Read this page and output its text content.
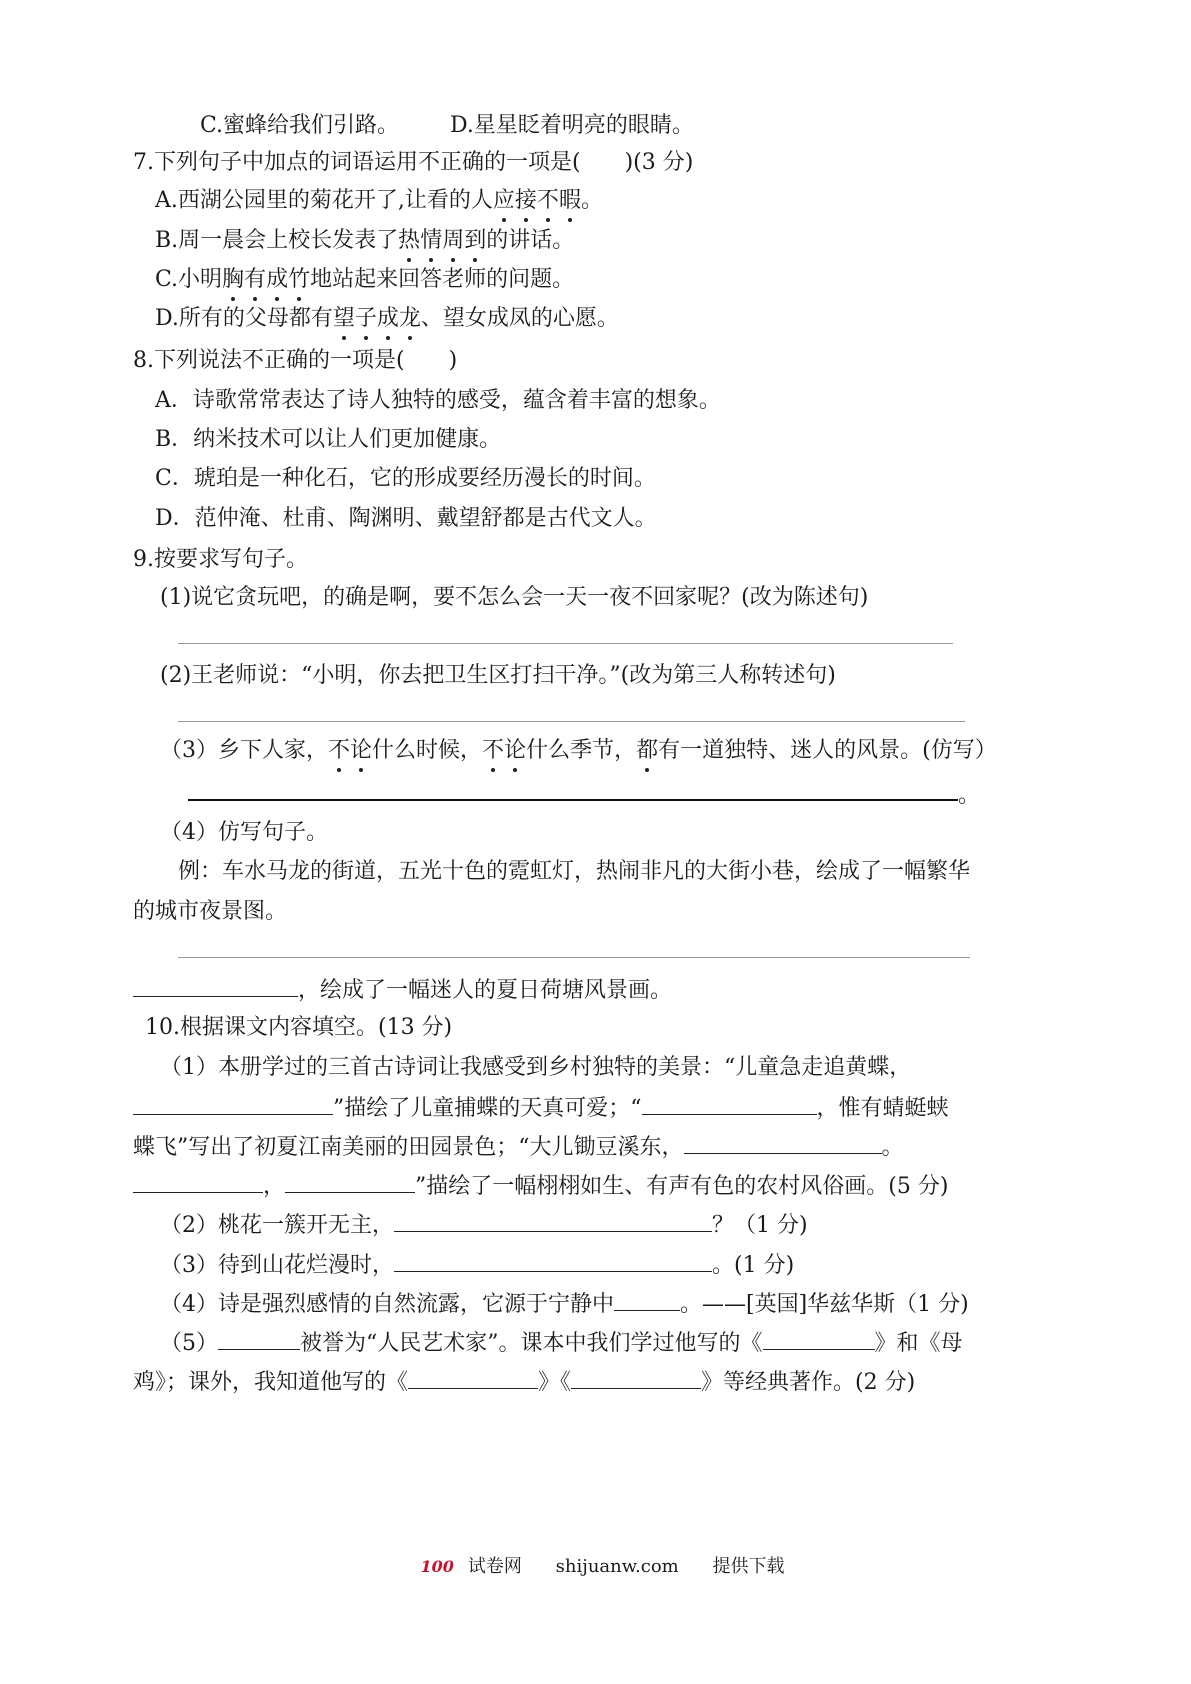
C.蜜蜂给我们引路。 D.星星眨着明亮的眼睛。
7.下列句子中加点的词语运用不正确的一项是(　　)(3 分)
A.西湖公园里的菊花开了,让看的人应接不暇。
B.周一晨会上校长发表了热情周到的讲话。
C.小明胸有成竹地站起来回答老师的问题。
D.所有的父母都有望子成龙、望女成凤的心愿。
8.下列说法不正确的一项是(　　)
A．诗歌常常表达了诗人独特的感受，蕴含着丰富的想象。
B．纳米技术可以让人们更加健康。
C．琥珀是一种化石，它的形成要经历漫长的时间。
D．范仲淹、杜甫、陶渊明、戴望舒都是古代文人。
9.按要求写句子。
(1)说它贪玩吧，的确是啊，要不怎么会一天一夜不回家呢？(改为陈述句)
(2)王老师说：“小明，你去把卫生区打扫干净。”(改为第三人称转述句)
（3）乡下人家，不论什么时候，不论什么季节，都有一道独特、迷人的风景。(仿写）
。
（4）仿写句子。
例：车水马龙的街道，五光十色的霓虹灯，热闹非凡的大街小巷，绘成了一幅繁华
的城市夜景图。
，绘成了一幅迷人的夏日荷塘风景画。
10.根据课文内容填空。(13 分)
（1）本册学过的三首古诗词让我感受到乡村独特的美景：“儿童急走追黄蝶，
”描绘了儿童捕蝶的天真可爱；“	，惟有蜻蜓蛱
蝶飞”写出了初夏江南美丽的田园景色；“大儿锄豆溪东，	。
，	”描绘了一幅栩栩如生、有声有色的农村风俗画。(5 分)
（2）桃花一簇开无主，	？（1 分)
（3）待到山花烂漫时，	。(1 分)
（4）诗是强烈感情的自然流露，它源于宁静中	。——[英国]华兹华斯（1 分)
（5）	被誉为“人民艺术家”。课本中我们学过他写的《	》和《母
鸡》；课外，我知道他写的《	》《	》等经典著作。(2 分)
100 试卷网 shijuanw.com 提供下载
